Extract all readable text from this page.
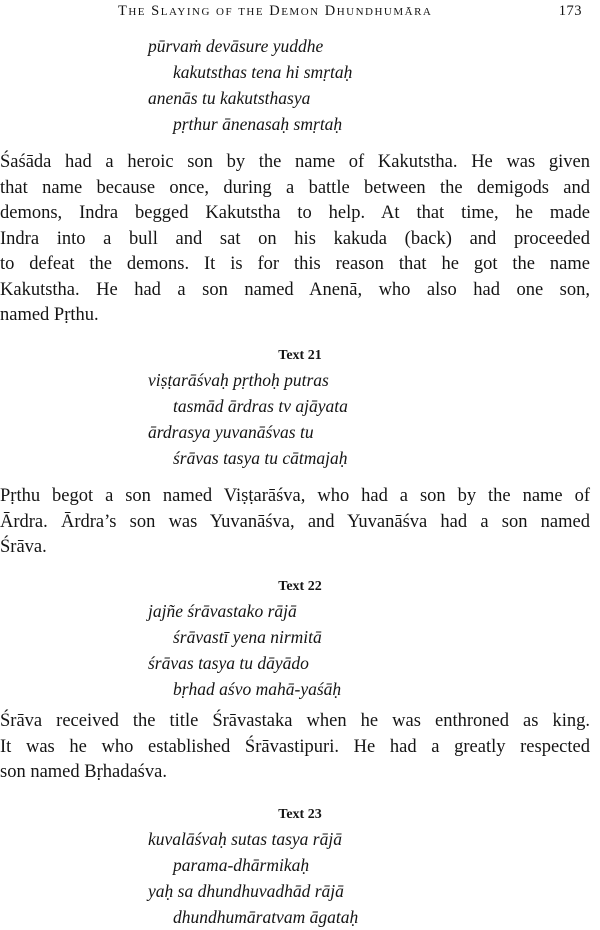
THE SLAYING OF THE DEMON DHUNDHUMĀRA	173
pūrvaṁ devāsure yuddhe
kakutsthas tena hi smṛtaḥ
anenās tu kakutsthasya
pṛthur ānenasaḥ smṛtaḥ
Śaśāda had a heroic son by the name of Kakutstha. He was given
that name because once, during a battle between the demigods and
demons, Indra begged Kakutstha to help. At that time, he made
Indra into a bull and sat on his kakuda (back) and proceeded
to defeat the demons. It is for this reason that he got the name
Kakutstha. He had a son named Anenā, who also had one son,
named Pṛthu.
Text 21
viṣṭarāśvaḥ pṛthoḥ putras
tasmād ārdras tv ajāyata
ārdrasya yuvanāśvas tu
śrāvas tasya tu cātmajaḥ
Pṛthu begot a son named Viṣṭarāśva, who had a son by the name of
Ārdra. Ārdra’s son was Yuvanāśva, and Yuvanāśva had a son named
Śrāva.
Text 22
jajñe śrāvastako rājā
śrāvastī yena nirmitā
śrāvas tasya tu dāyādo
bṛhad aśvo mahā-yaśāḥ
Śrāva received the title Śrāvastaka when he was enthroned as king.
It was he who established Śrāvastipuri. He had a greatly respected
son named Bṛhadaśva.
Text 23
kuvalāśvaḥ sutas tasya rājā
parama-dhārmikaḥ
yaḥ sa dhundhuvadhād rājā
dhundhumāratvam āgataḥ
